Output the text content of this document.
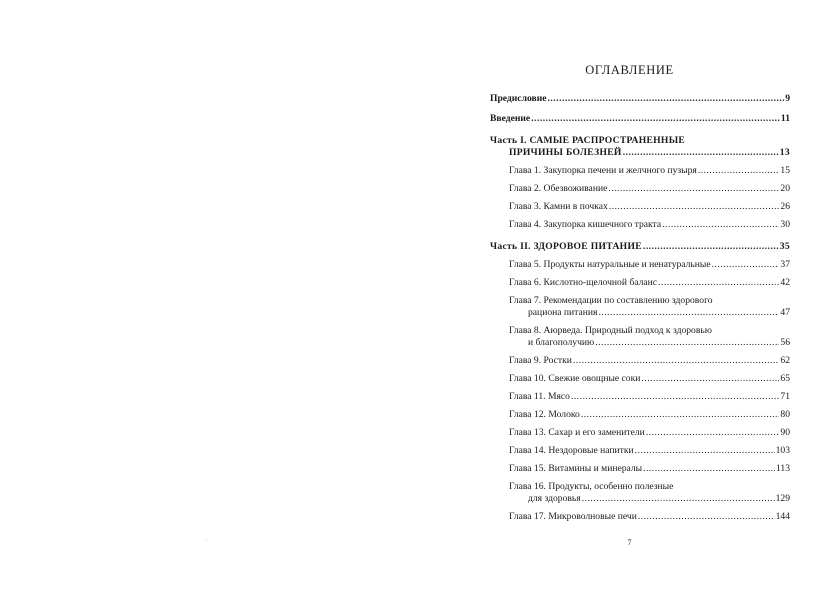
.
ОГЛАВЛЕНИЕ
Предисловие .....	9
Введение .....	11
Часть I. САМЫЕ РАСПРОСТРАНЕННЫЕ
ПРИЧИНЫ БОЛЕЗНЕЙ .....	13
Глава 1. Закупорка печени и желчного пузыря .....	15
Глава 2. Обезвоживание .....	20
Глава 3. Камни в почках .....	26
Глава 4. Закупорка кишечного тракта .....	30
Часть II. ЗДОРОВОЕ ПИТАНИЕ .....	35
Глава 5. Продукты натуральные и ненатуральные .....	37
Глава 6. Кислотно-щелочной баланс .....	42
Глава 7. Рекомендации по составлению здорового
рациона питания .....	47
Глава 8. Аюрведа. Природный подход к здоровью
и благополучию .....	56
Глава 9. Ростки .....	62
Глава 10. Свежие овощные соки .....	65
Глава 11. Мясо .....	71
Глава 12. Молоко .....	80
Глава 13. Сахар и его заменители .....	90
Глава 14. Нездоровые напитки .....	103
Глава 15. Витамины и минералы .....	113
Глава 16. Продукты, особенно полезные
для здоровья .....	129
Глава 17. Микроволновые печи .....	144
7
